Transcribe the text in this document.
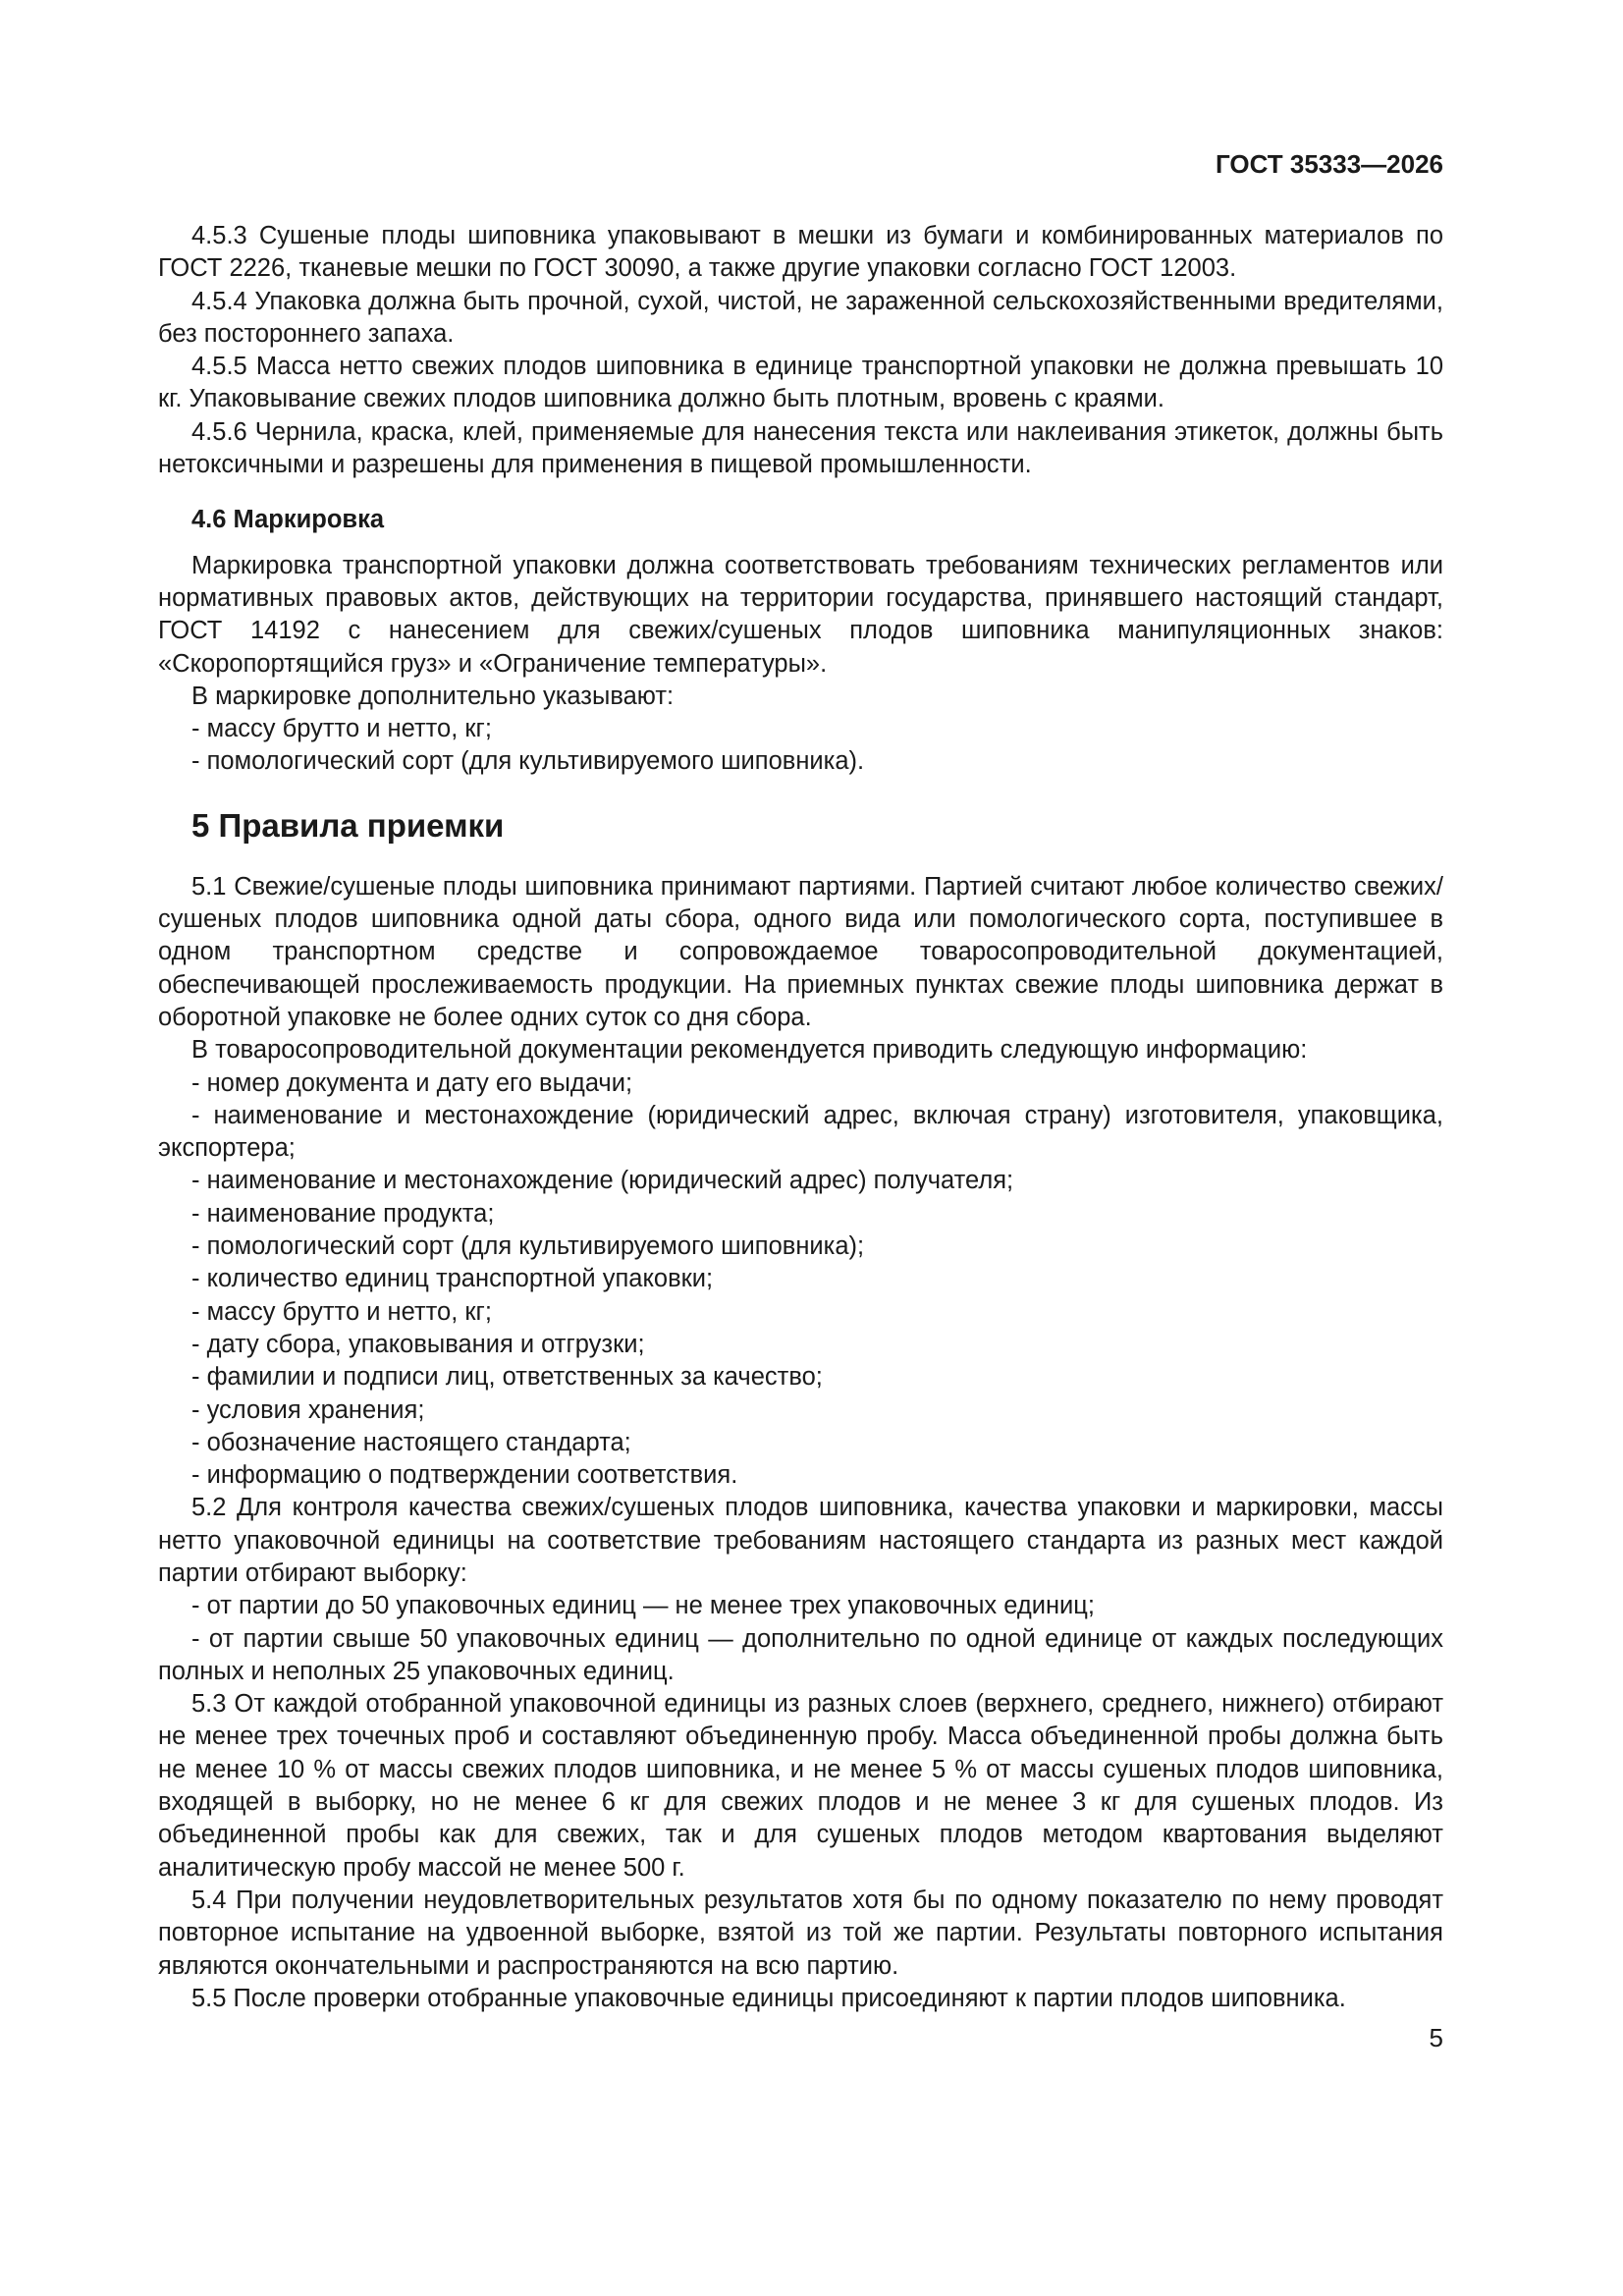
ГОСТ 35333—2026

4.5.3 Сушеные плоды шиповника упаковывают в мешки из бумаги и комбинированных материалов по ГОСТ 2226, тканевые мешки по ГОСТ 30090, а также другие упаковки согласно ГОСТ 12003.

4.5.4 Упаковка должна быть прочной, сухой, чистой, не зараженной сельскохозяйственными вредителями, без постороннего запаха.

4.5.5 Масса нетто свежих плодов шиповника в единице транспортной упаковки не должна превышать 10 кг. Упаковывание свежих плодов шиповника должно быть плотным, вровень с краями.

4.5.6 Чернила, краска, клей, применяемые для нанесения текста или наклеивания этикеток, должны быть нетоксичными и разрешены для применения в пищевой промышленности.

4.6 Маркировка

Маркировка транспортной упаковки должна соответствовать требованиям технических регламентов или нормативных правовых актов, действующих на территории государства, принявшего настоящий стандарт, ГОСТ 14192 с нанесением для свежих/сушеных плодов шиповника манипуляционных знаков: «Скоропортящийся груз» и «Ограничение температуры».

В маркировке дополнительно указывают:

- массу брутто и нетто, кг;

- помологический сорт (для культивируемого шиповника).

5 Правила приемки

5.1 Свежие/сушеные плоды шиповника принимают партиями. Партией считают любое количество свежих/сушеных плодов шиповника одной даты сбора, одного вида или помологического сорта, поступившее в одном транспортном средстве и сопровождаемое товаросопроводительной документацией, обеспечивающей прослеживаемость продукции. На приемных пунктах свежие плоды шиповника держат в оборотной упаковке не более одних суток со дня сбора.

В товаросопроводительной документации рекомендуется приводить следующую информацию:

- номер документа и дату его выдачи;

- наименование и местонахождение (юридический адрес, включая страну) изготовителя, упаковщика, экспортера;

- наименование и местонахождение (юридический адрес) получателя;

- наименование продукта;

- помологический сорт (для культивируемого шиповника);

- количество единиц транспортной упаковки;

- массу брутто и нетто, кг;

- дату сбора, упаковывания и отгрузки;

- фамилии и подписи лиц, ответственных за качество;

- условия хранения;

- обозначение настоящего стандарта;

- информацию о подтверждении соответствия.

5.2 Для контроля качества свежих/сушеных плодов шиповника, качества упаковки и маркировки, массы нетто упаковочной единицы на соответствие требованиям настоящего стандарта из разных мест каждой партии отбирают выборку:

- от партии до 50 упаковочных единиц — не менее трех упаковочных единиц;

- от партии свыше 50 упаковочных единиц — дополнительно по одной единице от каждых последующих полных и неполных 25 упаковочных единиц.

5.3 От каждой отобранной упаковочной единицы из разных слоев (верхнего, среднего, нижнего) отбирают не менее трех точечных проб и составляют объединенную пробу. Масса объединенной пробы должна быть не менее 10 % от массы свежих плодов шиповника, и не менее 5 % от массы сушеных плодов шиповника, входящей в выборку, но не менее 6 кг для свежих плодов и не менее 3 кг для сушеных плодов. Из объединенной пробы как для свежих, так и для сушеных плодов методом квартования выделяют аналитическую пробу массой не менее 500 г.

5.4 При получении неудовлетворительных результатов хотя бы по одному показателю по нему проводят повторное испытание на удвоенной выборке, взятой из той же партии. Результаты повторного испытания являются окончательными и распространяются на всю партию.

5.5 После проверки отобранные упаковочные единицы присоединяют к партии плодов шиповника.

5
